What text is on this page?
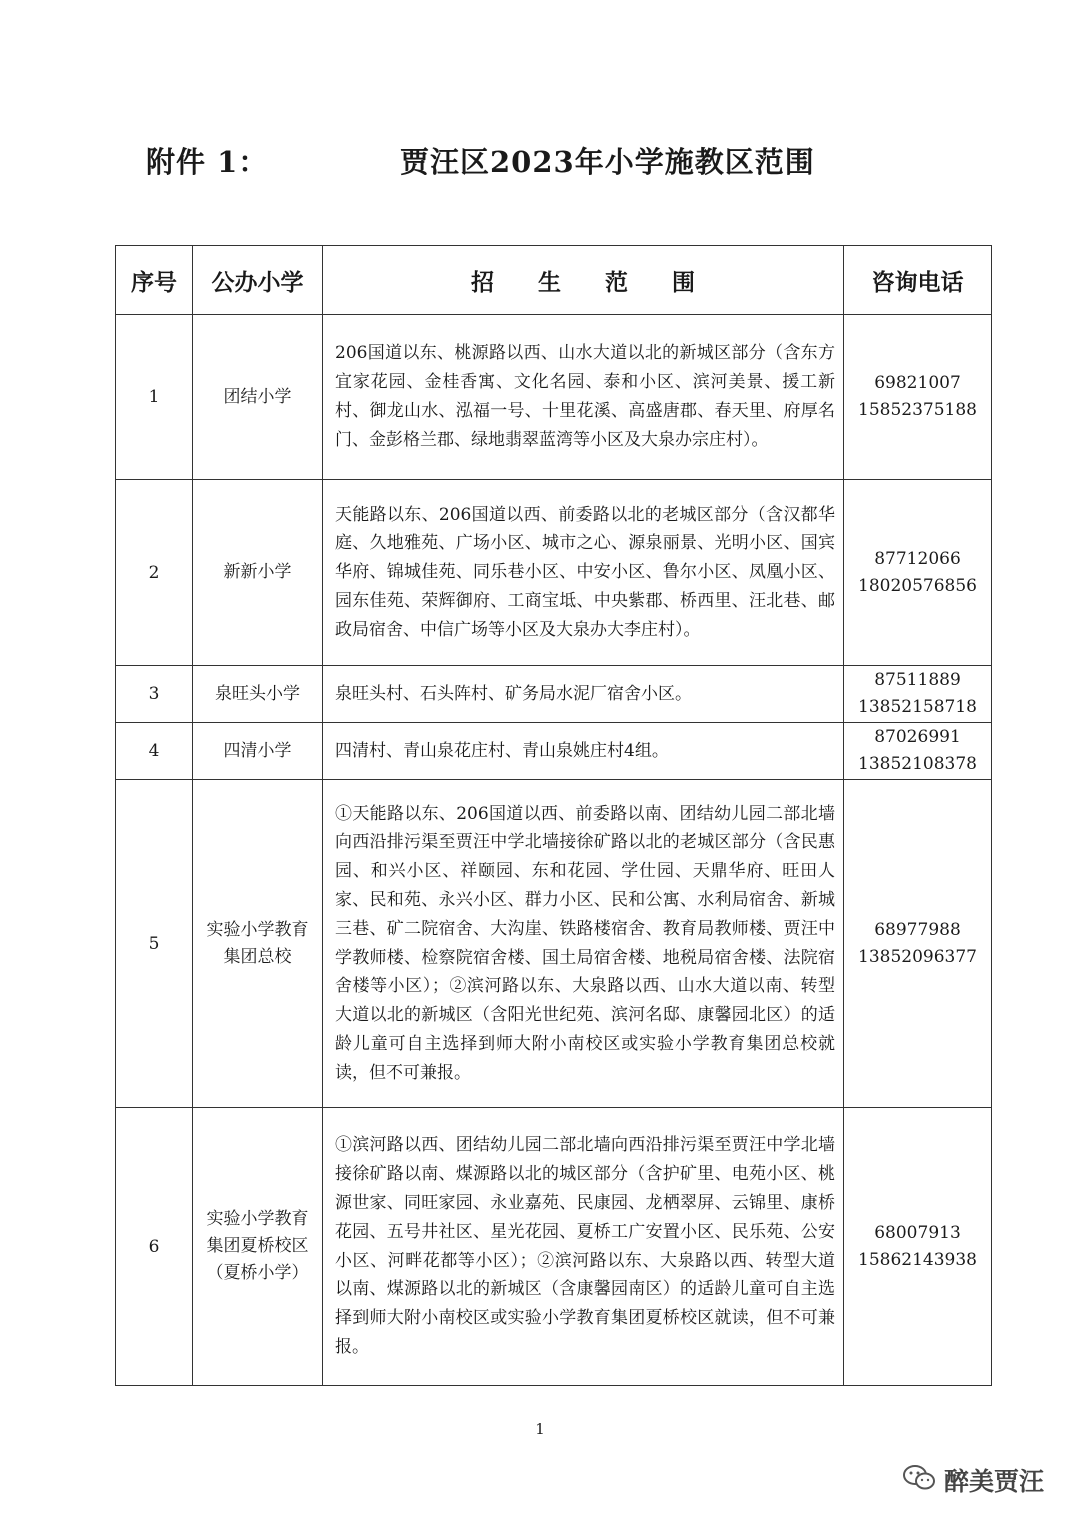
附件 1：	贾汪区2023年小学施教区范围
序号	公办小学	招生范围	咨询电话
1	团结小学	206国道以东、桃源路以西、山水大道以北的新城区部分（含东方宜家花园、金桂香寓、文化名园、泰和小区、滨河美景、援工新村、御龙山水、泓福一号、十里花溪、高盛唐郡、春天里、府厚名门、金彭格兰郡、绿地翡翠蓝湾等小区及大泉办宗庄村）。	69821007
15852375188

2	新新小学	天能路以东、206国道以西、前委路以北的老城区部分（含汉都华庭、久地雅苑、广场小区、城市之心、源泉丽景、光明小区、国宾华府、锦城佳苑、同乐巷小区、中安小区、鲁尔小区、凤凰小区、园东佳苑、荣辉御府、工商宝坻、中央紫郡、桥西里、汪北巷、邮政局宿舍、中信广场等小区及大泉办大李庄村）。	87712066
18020576856

3	泉旺头小学	泉旺头村、石头阵村、矿务局水泥厂宿舍小区。	87511889
13852158718

4	四清小学	四清村、青山泉花庄村、青山泉姚庄村4组。	87026991
13852108378

5	实验小学教育集团总校	①天能路以东、206国道以西、前委路以南、团结幼儿园二部北墙向西沿排污渠至贾汪中学北墙接徐矿路以北的老城区部分（含民惠园、和兴小区、祥颐园、东和花园、学仕园、天鼎华府、旺田人家、民和苑、永兴小区、群力小区、民和公寓、水利局宿舍、新城三巷、矿二院宿舍、大沟崖、铁路楼宿舍、教育局教师楼、贾汪中学教师楼、检察院宿舍楼、国土局宿舍楼、地税局宿舍楼、法院宿舍楼等小区）；②滨河路以东、大泉路以西、山水大道以南、转型大道以北的新城区（含阳光世纪苑、滨河名邸、康馨园北区）的适龄儿童可自主选择到师大附小南校区或实验小学教育集团总校就读，但不可兼报。	68977988
13852096377

6	实验小学教育集团夏桥校区（夏桥小学）	①滨河路以西、团结幼儿园二部北墙向西沿排污渠至贾汪中学北墙接徐矿路以南、煤源路以北的城区部分（含护矿里、电苑小区、桃源世家、同旺家园、永业嘉苑、民康园、龙栖翠屏、云锦里、康桥花园、五号井社区、星光花园、夏桥工广安置小区、民乐苑、公安小区、河畔花都等小区）；②滨河路以东、大泉路以西、转型大道以南、煤源路以北的新城区（含康馨园南区）的适龄儿童可自主选择到师大附小南校区或实验小学教育集团夏桥校区就读，但不可兼报。	68007913
15862143938
1
醉美贾汪
